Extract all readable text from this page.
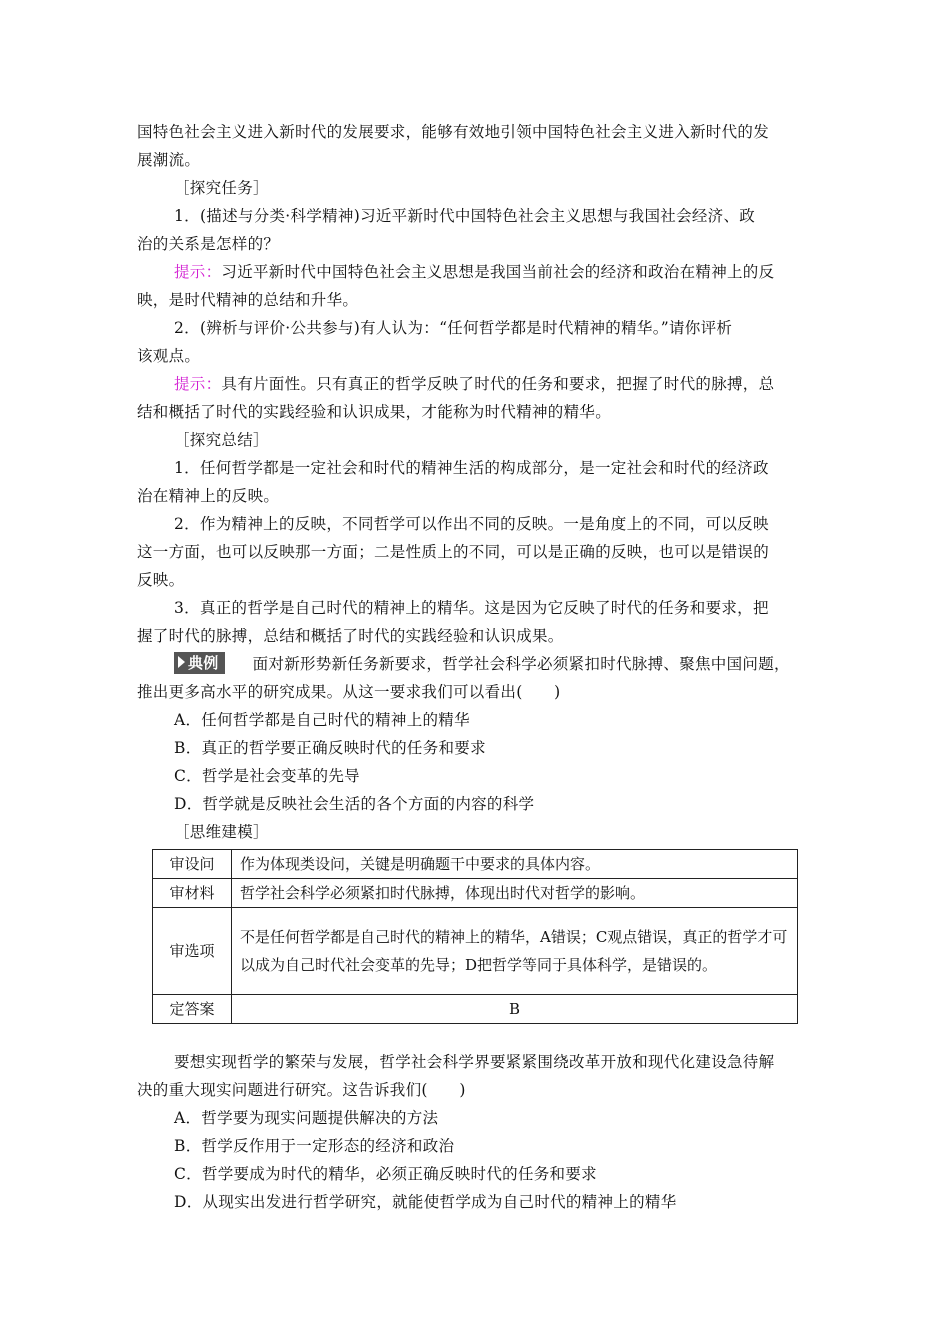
国特色社会主义进入新时代的发展要求，能够有效地引领中国特色社会主义进入新时代的发
展潮流。
［探究任务］
1．(描述与分类·科学精神)习近平新时代中国特色社会主义思想与我国社会经济、政
治的关系是怎样的？
提示：习近平新时代中国特色社会主义思想是我国当前社会的经济和政治在精神上的反
映，是时代精神的总结和升华。
2．(辨析与评价·公共参与)有人认为：“任何哲学都是时代精神的精华。”请你评析
该观点。
提示：具有片面性。只有真正的哲学反映了时代的任务和要求，把握了时代的脉搏，总
结和概括了时代的实践经验和认识成果，才能称为时代精神的精华。
［探究总结］
1．任何哲学都是一定社会和时代的精神生活的构成部分，是一定社会和时代的经济政
治在精神上的反映。
2．作为精神上的反映，不同哲学可以作出不同的反映。一是角度上的不同，可以反映
这一方面，也可以反映那一方面；二是性质上的不同，可以是正确的反映，也可以是错误的
反映。
3．真正的哲学是自己时代的精神上的精华。这是因为它反映了时代的任务和要求，把
握了时代的脉搏，总结和概括了时代的实践经验和认识成果。
典例 面对新形势新任务新要求，哲学社会科学必须紧扣时代脉搏、聚焦中国问题，
推出更多高水平的研究成果。从这一要求我们可以看出(　　)
A．任何哲学都是自己时代的精神上的精华
B．真正的哲学要正确反映时代的任务和要求
C．哲学是社会变革的先导
D．哲学就是反映社会生活的各个方面的内容的科学
［思维建模］
审设问	作为体现类设问，关键是明确题干中要求的具体内容。
审材料	哲学社会科学必须紧扣时代脉搏，体现出时代对哲学的影响。
审选项	不是任何哲学都是自己时代的精神上的精华，A错误；C观点错误，真正的哲学才可以成为自己时代社会变革的先导；D把哲学等同于具体科学，是错误的。
定答案	B
要想实现哲学的繁荣与发展，哲学社会科学界要紧紧围绕改革开放和现代化建设急待解
决的重大现实问题进行研究。这告诉我们(　　)
A．哲学要为现实问题提供解决的方法
B．哲学反作用于一定形态的经济和政治
C．哲学要成为时代的精华，必须正确反映时代的任务和要求
D．从现实出发进行哲学研究，就能使哲学成为自己时代的精神上的精华
